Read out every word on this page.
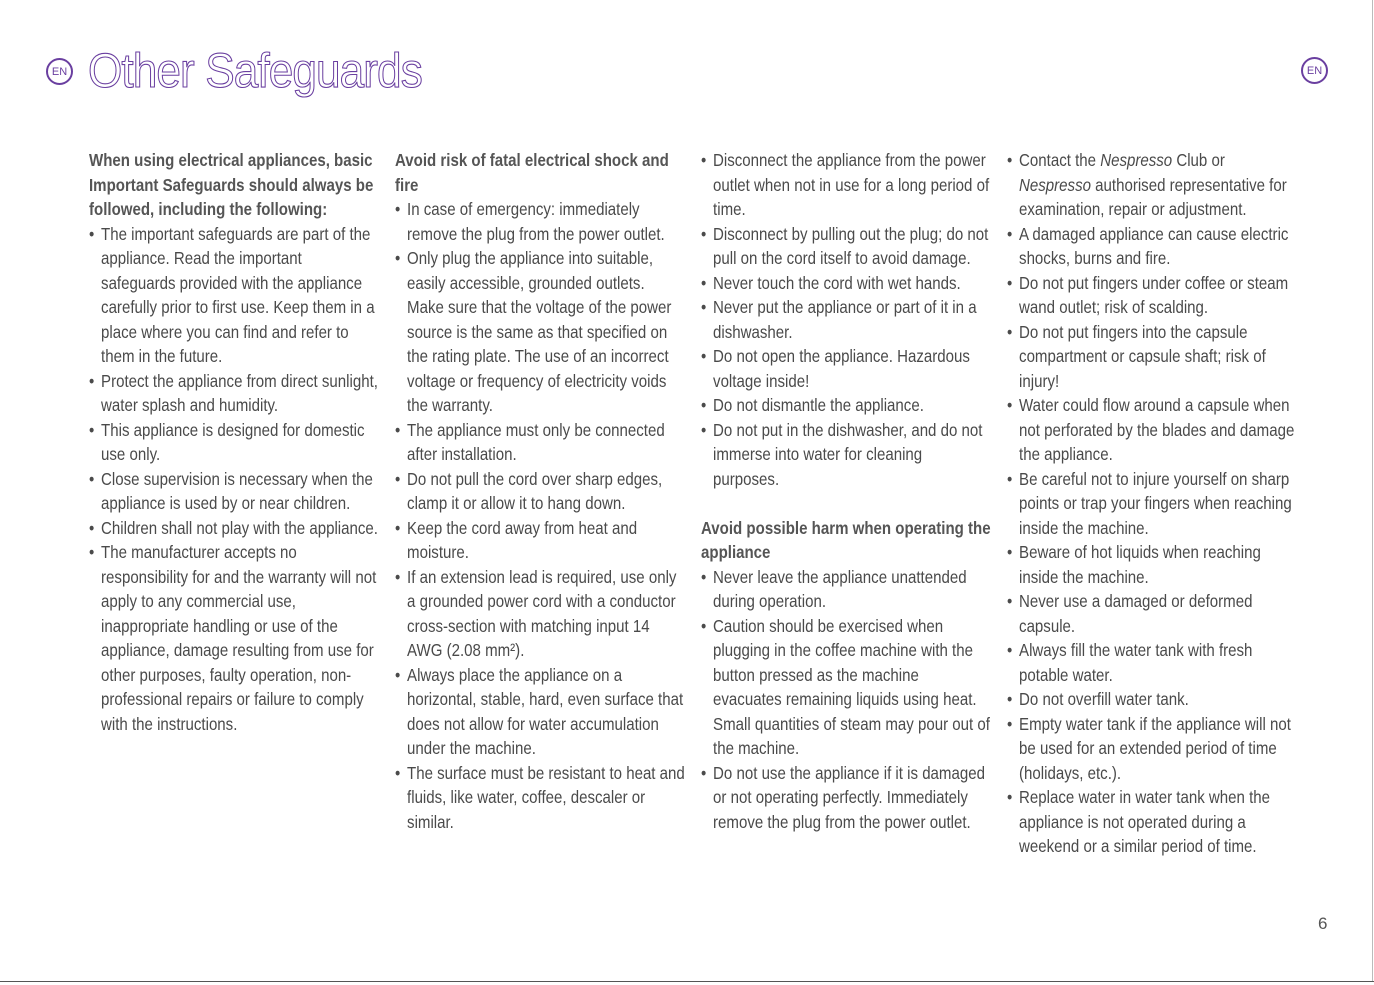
EN Other Safeguards	EN

When using electrical appliances, basic Important Safeguards should always be followed, including the following:

• The important safeguards are part of the appliance. Read the important safeguards provided with the appliance carefully prior to first use. Keep them in a place where you can find and refer to them in the future.
• Protect the appliance from direct sunlight, water splash and humidity.
• This appliance is designed for domestic use only.
• Close supervision is necessary when the appliance is used by or near children.
• Children shall not play with the appliance.
• The manufacturer accepts no responsibility for and the warranty will not apply to any commercial use, inappropriate handling or use of the appliance, damage resulting from use for other purposes, faulty operation, non-professional repairs or failure to comply with the instructions.

Avoid risk of fatal electrical shock and fire

• In case of emergency: immediately remove the plug from the power outlet.
• Only plug the appliance into suitable, easily accessible, grounded outlets. Make sure that the voltage of the power source is the same as that specified on the rating plate. The use of an incorrect voltage or frequency of electricity voids the warranty.
• The appliance must only be connected after installation.
• Do not pull the cord over sharp edges, clamp it or allow it to hang down.
• Keep the cord away from heat and moisture.
• If an extension lead is required, use only a grounded power cord with a conductor cross-section with matching input 14 AWG (2.08 mm²).
• Always place the appliance on a horizontal, stable, hard, even surface that does not allow for water accumulation under the machine.
• The surface must be resistant to heat and fluids, like water, coffee, descaler or similar.
• Disconnect the appliance from the power outlet when not in use for a long period of time.
• Disconnect by pulling out the plug; do not pull on the cord itself to avoid damage.
• Never touch the cord with wet hands.
• Never put the appliance or part of it in a dishwasher.
• Do not open the appliance. Hazardous voltage inside!
• Do not dismantle the appliance.
• Do not put in the dishwasher, and do not immerse into water for cleaning purposes.

Avoid possible harm when operating the appliance

• Never leave the appliance unattended during operation.
• Caution should be exercised when plugging in the coffee machine with the button pressed as the machine evacuates remaining liquids using heat. Small quantities of steam may pour out of the machine.
• Do not use the appliance if it is damaged or not operating perfectly. Immediately remove the plug from the power outlet.
• Contact the Nespresso Club or Nespresso authorised representative for examination, repair or adjustment.
• A damaged appliance can cause electric shocks, burns and fire.
• Do not put fingers under coffee or steam wand outlet; risk of scalding.
• Do not put fingers into the capsule compartment or capsule shaft; risk of injury!
• Water could flow around a capsule when not perforated by the blades and damage the appliance.
• Be careful not to injure yourself on sharp points or trap your fingers when reaching inside the machine.
• Beware of hot liquids when reaching inside the machine.
• Never use a damaged or deformed capsule.
• Always fill the water tank with fresh potable water.
• Do not overfill water tank.
• Empty water tank if the appliance will not be used for an extended period of time (holidays, etc.).
• Replace water in water tank when the appliance is not operated during a weekend or a similar period of time.
6
